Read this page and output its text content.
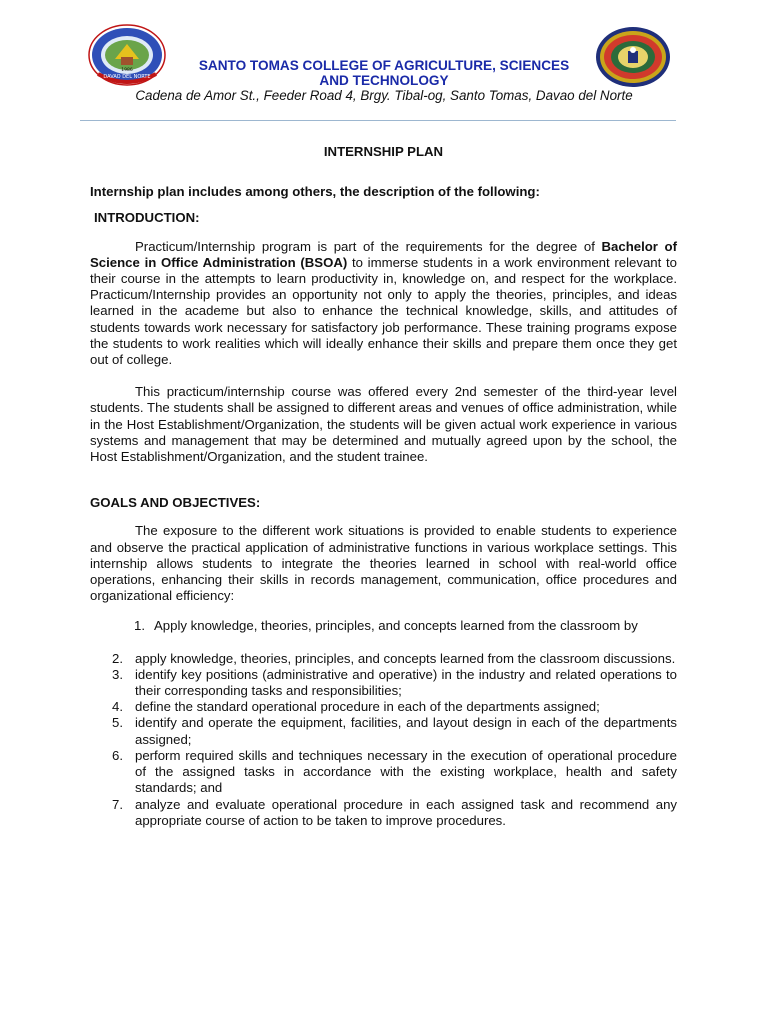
DAVAO DEL NORTE
1986	SANTO TOMAS COLLEGE OF AGRICULTURE, SCIENCES
AND TECHNOLOGY
Cadena de Amor St., Feeder Road 4, Brgy. Tibal-og, Santo Tomas, Davao del Norte

INTERNSHIP PLAN

Internship plan includes among others, the description of the following:

INTRODUCTION:

Practicum/Internship program is part of the requirements for the degree of Bachelor of Science in Office Administration (BSOA) to immerse students in a work environment relevant to their course in the attempts to learn productivity in, knowledge on, and respect for the workplace. Practicum/Internship provides an opportunity not only to apply the theories, principles, and ideas learned in the academe but also to enhance the technical knowledge, skills, and attitudes of students towards work necessary for satisfactory job performance. These training programs expose the students to work realities which will ideally enhance their skills and prepare them once they get out of college.

This practicum/internship course was offered every 2nd semester of the third-year level students. The students shall be assigned to different areas and venues of office administration, while in the Host Establishment/Organization, the students will be given actual work experience in various systems and management that may be determined and mutually agreed upon by the school, the Host Establishment/Organization, and the student trainee.

GOALS AND OBJECTIVES:

The exposure to the different work situations is provided to enable students to experience and observe the practical application of administrative functions in various workplace settings. This internship allows students to integrate the theories learned in school with real-world office operations, enhancing their skills in records management, communication, office procedures and organizational efficiency:

1. Apply knowledge, theories, principles, and concepts learned from the classroom by
2. apply knowledge, theories, principles, and concepts learned from the classroom discussions.
3. identify key positions (administrative and operative) in the industry and related operations to their corresponding tasks and responsibilities;
4. define the standard operational procedure in each of the departments assigned;
5. identify and operate the equipment, facilities, and layout design in each of the departments assigned;
6. perform required skills and techniques necessary in the execution of operational procedure of the assigned tasks in accordance with the existing workplace, health and safety standards; and
7. analyze and evaluate operational procedure in each assigned task and recommend any appropriate course of action to be taken to improve procedures.
